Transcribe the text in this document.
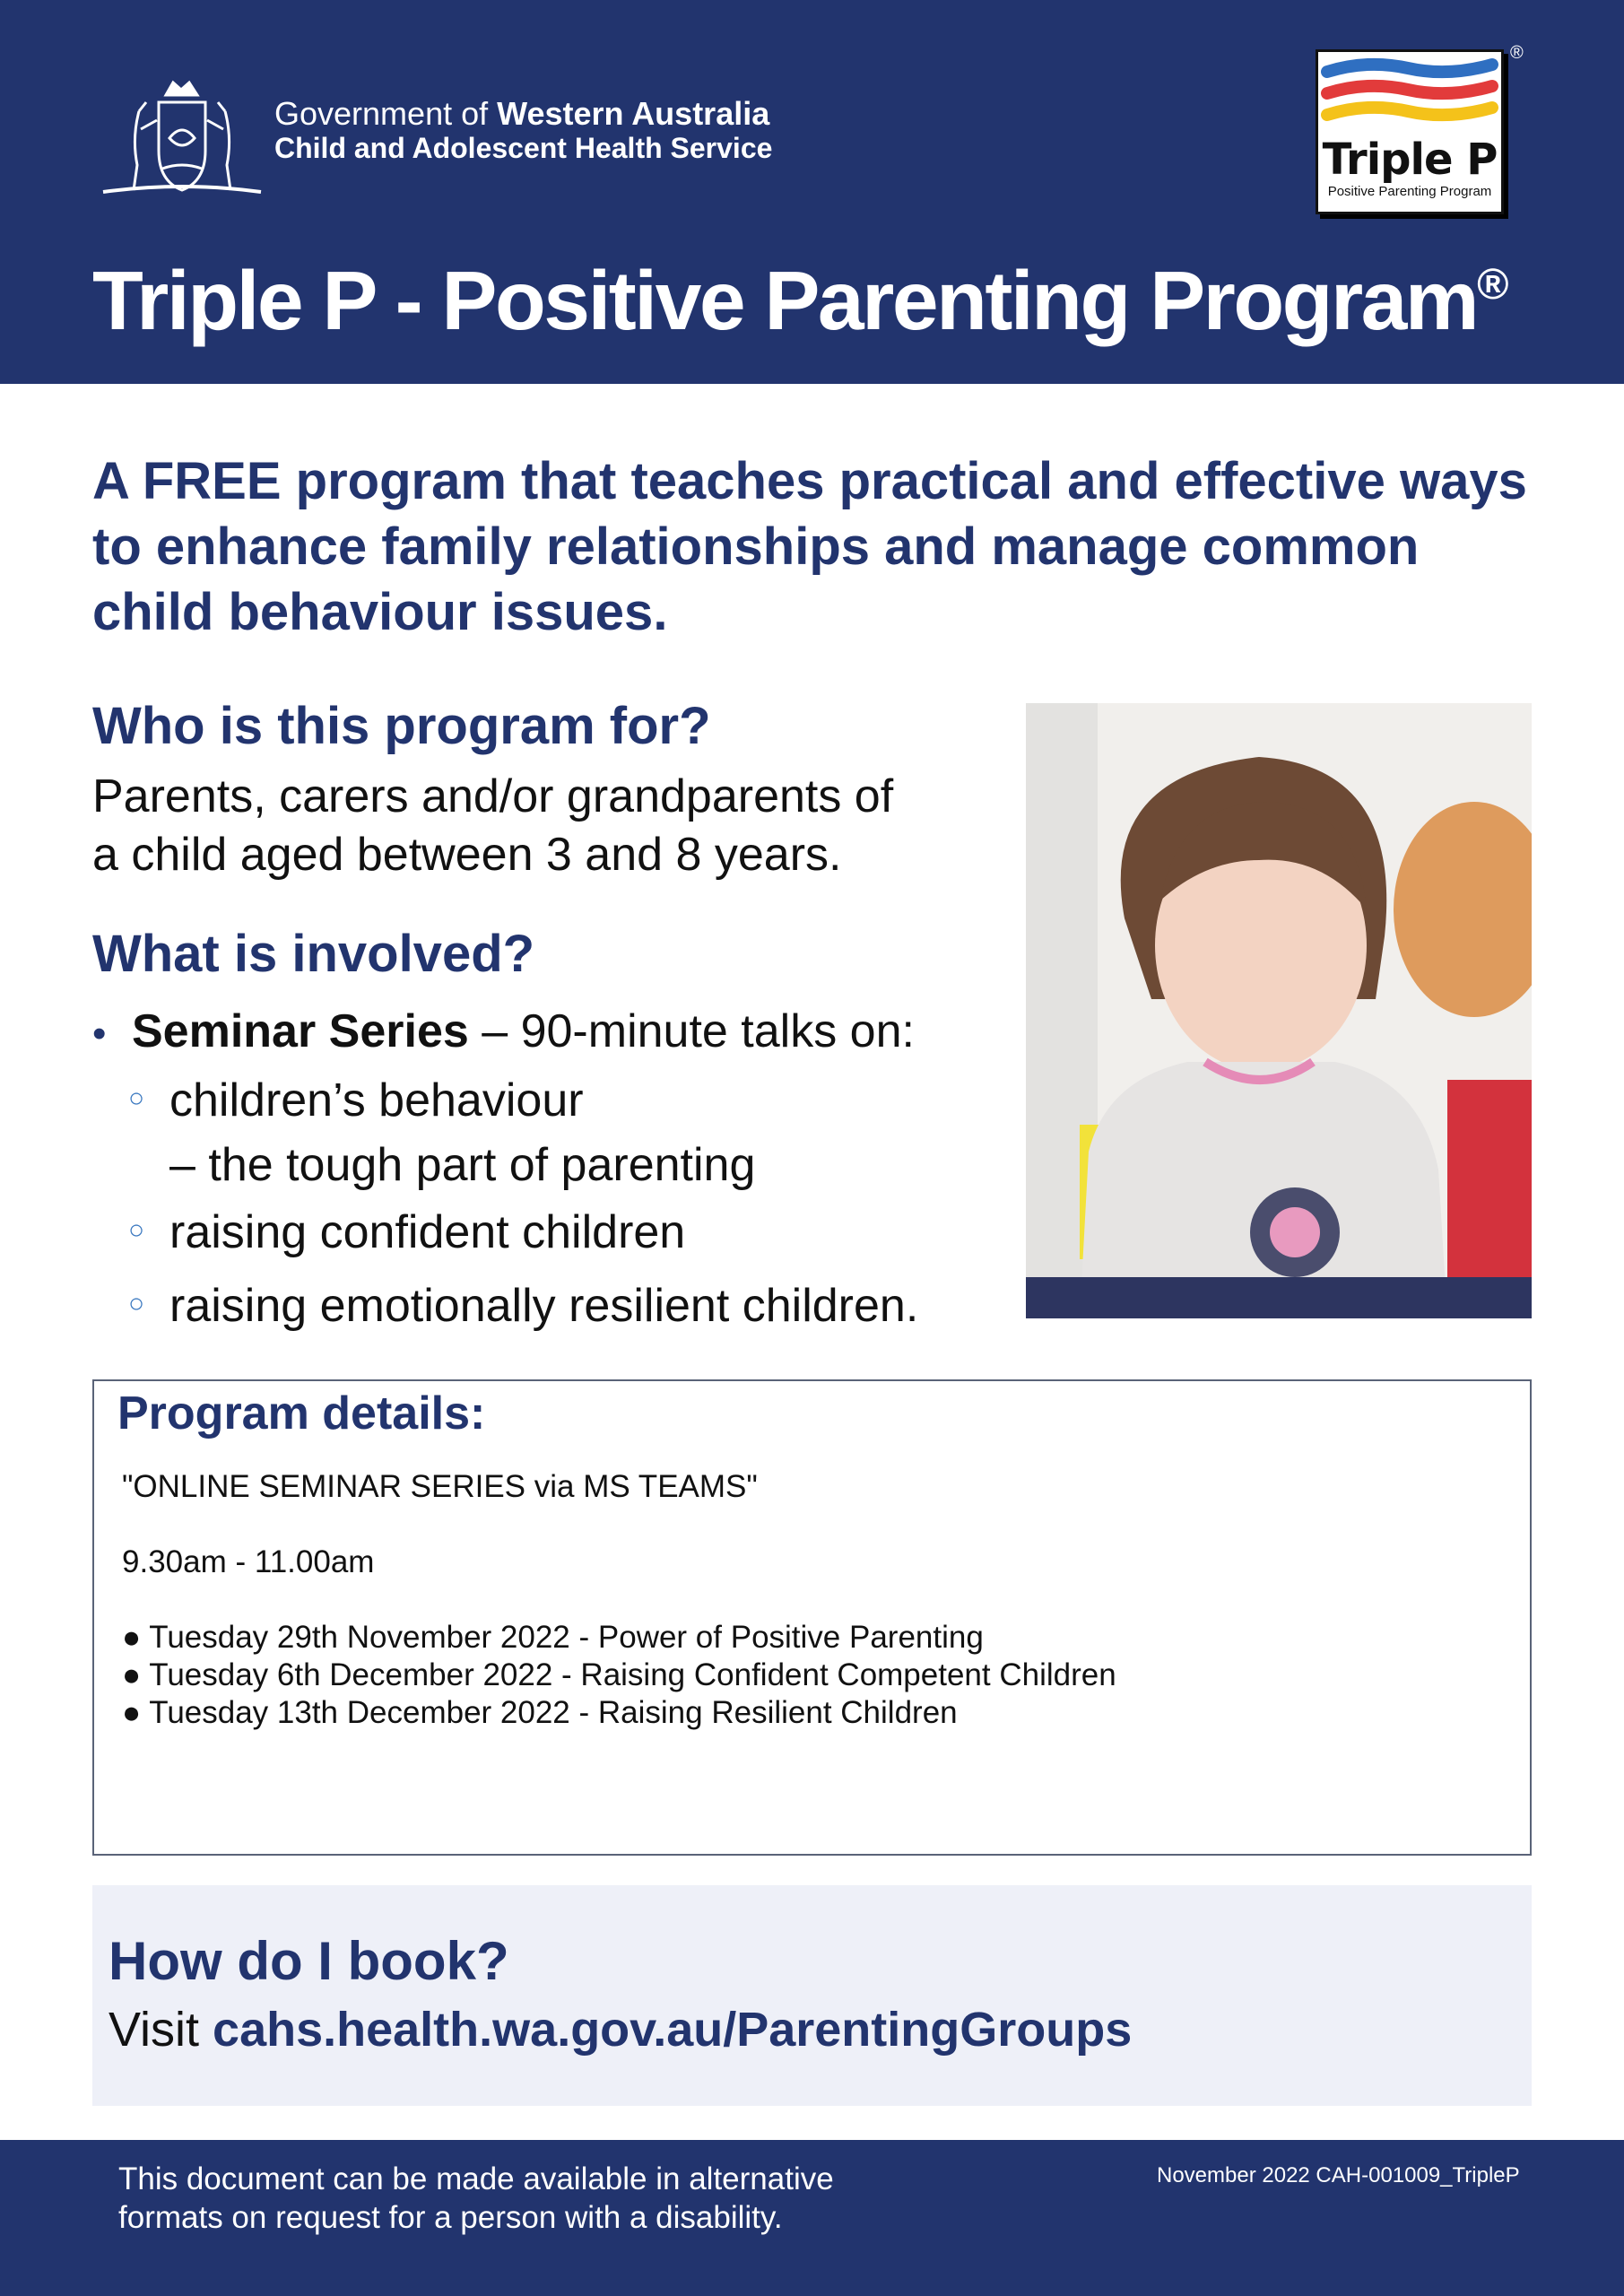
Government of Western Australia
Child and Adolescent Health Service	Triple P
Positive Parenting Program
®
Triple P - Positive Parenting Program®
A FREE program that teaches practical and effective ways to enhance family relationships and manage common child behaviour issues.
Who is this program for?
Parents, carers and/or grandparents of
a child aged between 3 and 8 years.
What is involved?
• Seminar Series – 90-minute talks on:
○ children’s behaviour
– the tough part of parenting
○ raising confident children
○ raising emotionally resilient children.
Program details:
"ONLINE SEMINAR SERIES via MS TEAMS"
9.30am - 11.00am
● Tuesday 29th November 2022 - Power of Positive Parenting
● Tuesday 6th December 2022 - Raising Confident Competent Children
● Tuesday 13th December 2022 - Raising Resilient Children
How do I book?
Visit cahs.health.wa.gov.au/ParentingGroups
This document can be made available in alternative
formats on request for a person with a disability.
November 2022 CAH-001009_TripleP
